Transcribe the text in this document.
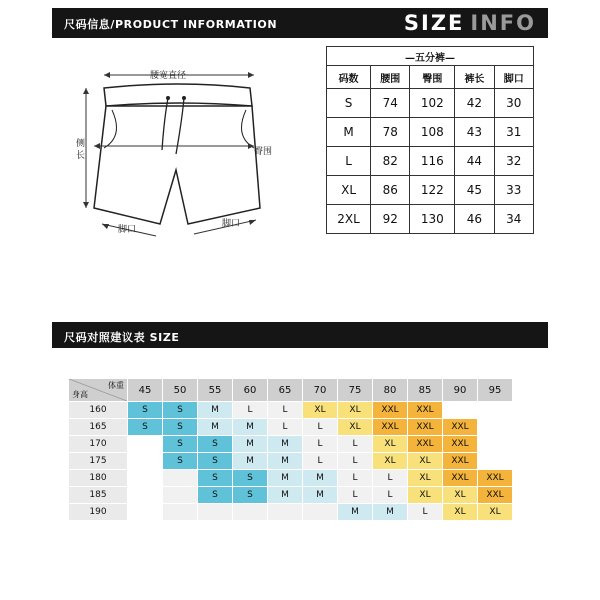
尺码信息/PRODUCT INFORMATION	SIZE INFO
腰宽直径
侧
长	臀围
脚口
脚口
—五分裤—				
码数	腰围	臀围	裤长	脚口
S	74	102	42	30
M	78	108	43	31
L	82	116	44	32
XL	86	122	45	33
2XL	92	130	46	34
尺码对照建议表 SIZE
体重
身高	45	50	55	60	65	70	75	80	85	90	95
160	S	S	M	L	L	XL	XL	XXL	XXL		
165	S	S	M	M	L	L	XL	XXL	XXL	XXL	
170		S	S	M	M	L	L	XL	XXL	XXL	
175		S	S	M	M	L	L	XL	XL	XXL	
180			S	S	M	M	L	L	XL	XXL	XXL
185			S	S	M	M	L	L	XL	XL	XXL
190							M	M	L	XL	XL
